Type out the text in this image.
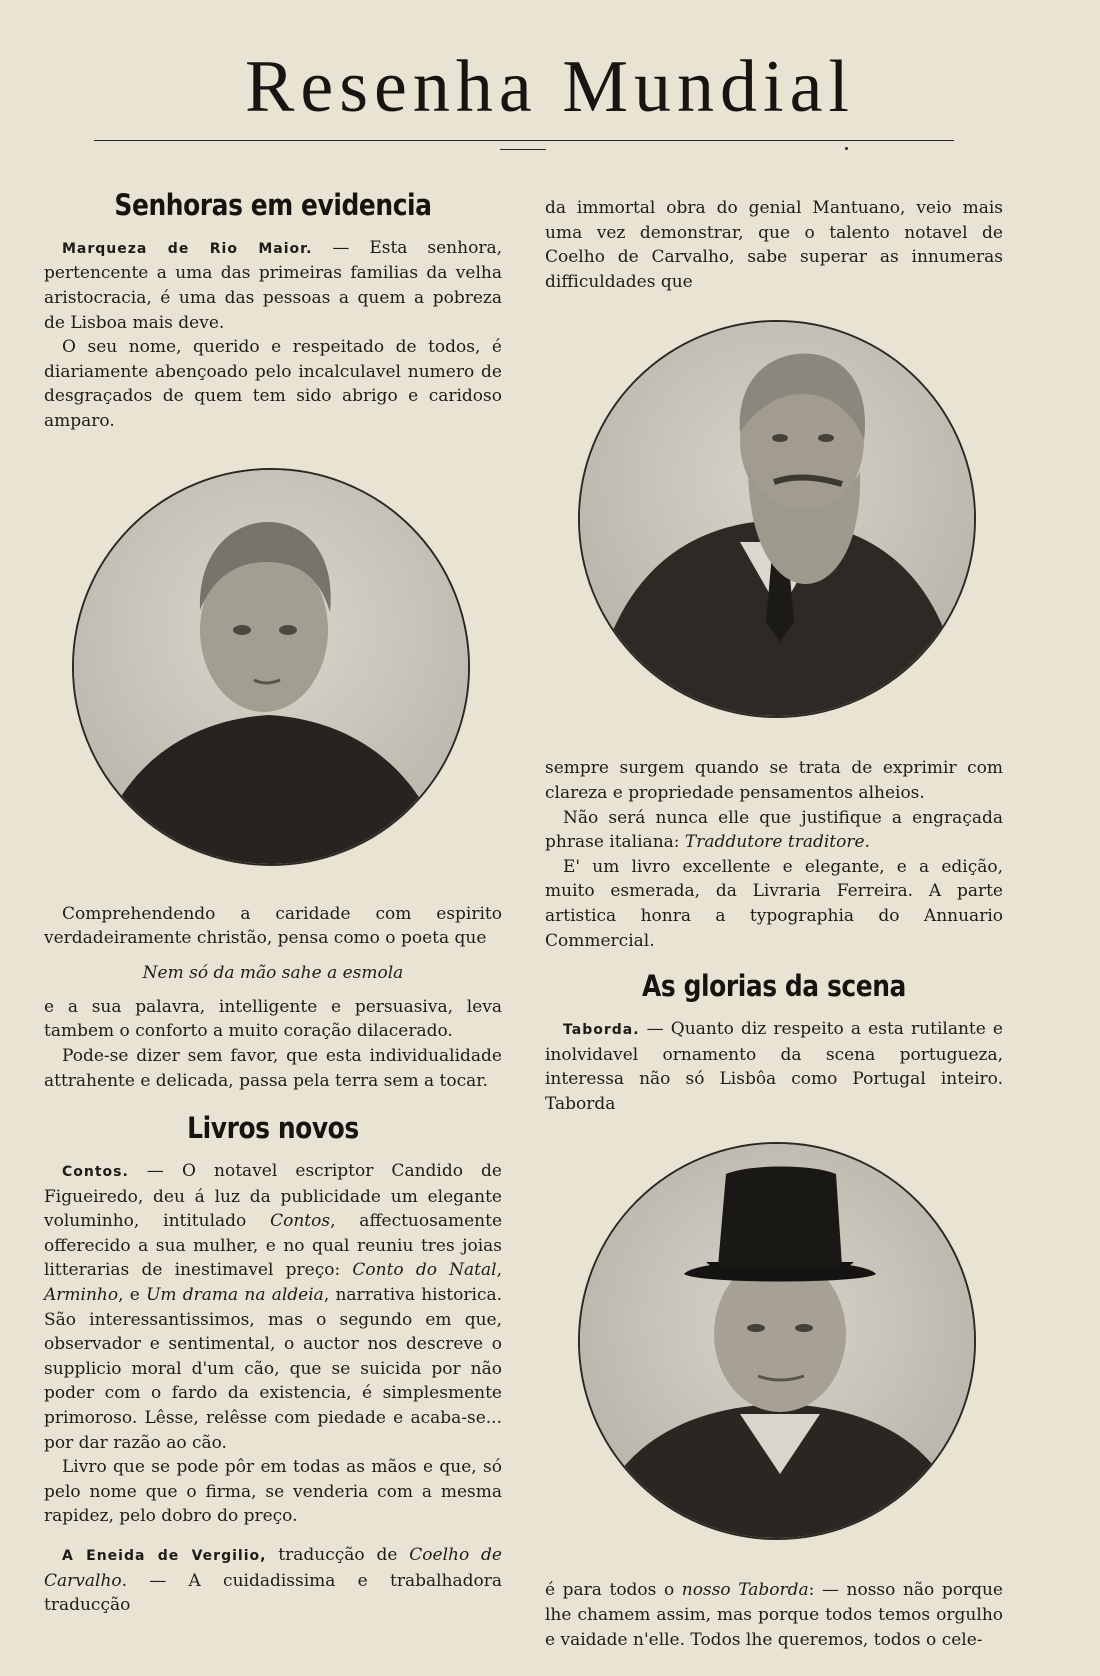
Resenha Mundial
Senhoras em evidencia

Marqueza de Rio Maior. — Esta senhora, pertencente a uma das primeiras familias da velha aristocracia, é uma das pessoas a quem a pobreza de Lisboa mais deve.

O seu nome, querido e respeitado de todos, é diariamente abençoado pelo incalculavel numero de desgraçados de quem tem sido abrigo e caridoso amparo.

Comprehendendo a caridade com espirito verdadeiramente christão, pensa como o poeta que

Nem só da mão sahe a esmola

e a sua palavra, intelligente e persuasiva, leva tambem o conforto a muito coração dilacerado.

Pode-se dizer sem favor, que esta individualidade attrahente e delicada, passa pela terra sem a tocar.

Livros novos

Contos. — O notavel escriptor Candido de Figueiredo, deu á luz da publicidade um elegante voluminho, intitulado Contos, affectuosamente offerecido a sua mulher, e no qual reuniu tres joias litterarias de inestimavel preço: Conto do Natal, Arminho, e Um drama na aldeia, narrativa historica. São interessantissimos, mas o segundo em que, observador e sentimental, o auctor nos descreve o supplicio moral d'um cão, que se suicida por não poder com o fardo da existencia, é simplesmente primoroso. Lêsse, relêsse com piedade e acaba-se... por dar razão ao cão.

Livro que se pode pôr em todas as mãos e que, só pelo nome que o firma, se venderia com a mesma rapidez, pelo dobro do preço.

A Eneida de Vergilio, traducção de Coelho de Carvalho. — A cuidadissima e trabalhadora traducção

da immortal obra do genial Mantuano, veio mais uma vez demonstrar, que o talento notavel de Coelho de Carvalho, sabe superar as innumeras difficuldades que

sempre surgem quando se trata de exprimir com clareza e propriedade pensamentos alheios.

Não será nunca elle que justifique a engraçada phrase italiana: Traddutore traditore.

E' um livro excellente e elegante, e a edição, muito esmerada, da Livraria Ferreira. A parte artistica honra a typographia do Annuario Commercial.

As glorias da scena

Taborda. — Quanto diz respeito a esta rutilante e inolvidavel ornamento da scena portugueza, interessa não só Lisbôa como Portugal inteiro. Taborda

é para todos o nosso Taborda: — nosso não porque lhe chamem assim, mas porque todos temos orgulho e vaidade n'elle. Todos lhe queremos, todos o cele-
